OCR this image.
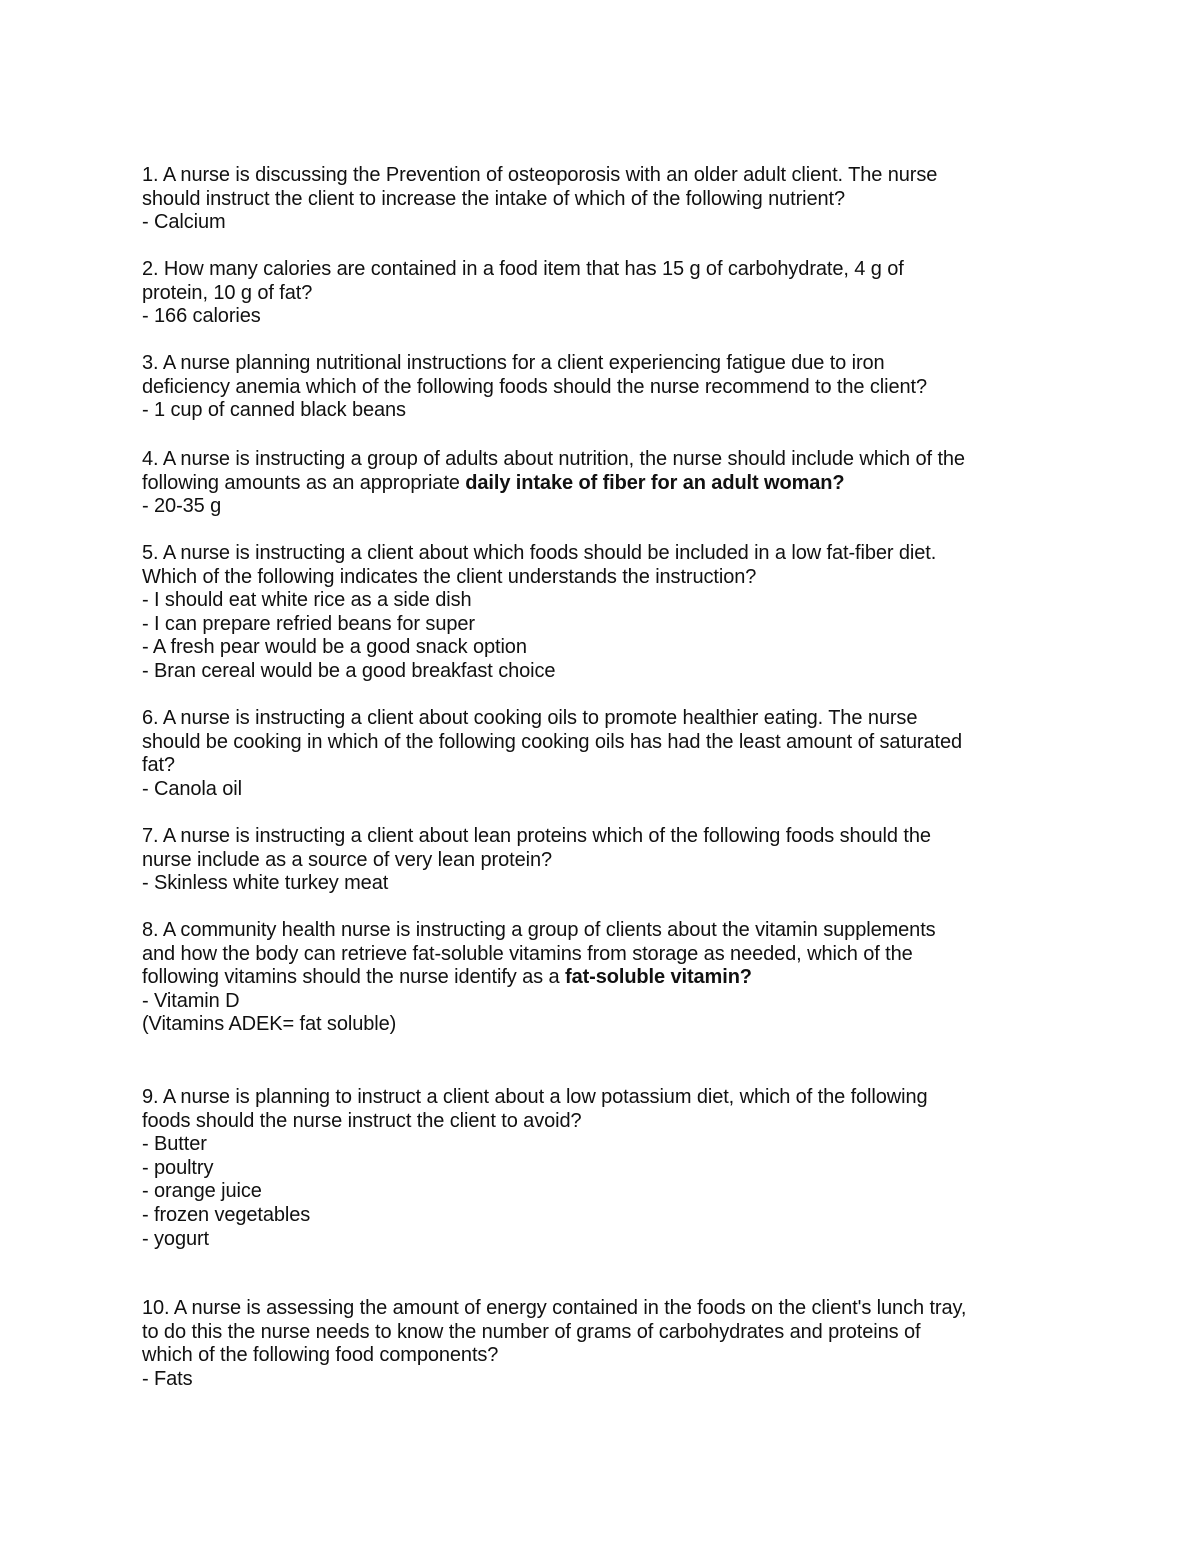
1. A nurse is discussing the Prevention of osteoporosis with an older adult client. The nurse
should instruct the client to increase the intake of which of the following nutrient?
- Calcium
2. How many calories are contained in a food item that has 15 g of carbohydrate, 4 g of
protein, 10 g of fat?
- 166 calories
3. A nurse planning nutritional instructions for a client experiencing fatigue due to iron
deficiency anemia which of the following foods should the nurse recommend to the client?
- 1 cup of canned black beans
4. A nurse is instructing a group of adults about nutrition, the nurse should include which of the
following amounts as an appropriate daily intake of fiber for an adult woman?
- 20-35 g
5. A nurse is instructing a client about which foods should be included in a low fat-fiber diet.
Which of the following indicates the client understands the instruction?
- I should eat white rice as a side dish
- I can prepare refried beans for super
- A fresh pear would be a good snack option
- Bran cereal would be a good breakfast choice
6. A nurse is instructing a client about cooking oils to promote healthier eating. The nurse
should be cooking in which of the following cooking oils has had the least amount of saturated
fat?
- Canola oil
7. A nurse is instructing a client about lean proteins which of the following foods should the
nurse include as a source of very lean protein?
- Skinless white turkey meat
8. A community health nurse is instructing a group of clients about the vitamin supplements
and how the body can retrieve fat-soluble vitamins from storage as needed, which of the
following vitamins should the nurse identify as a fat-soluble vitamin?
- Vitamin D
(Vitamins ADEK= fat soluble)
9. A nurse is planning to instruct a client about a low potassium diet, which of the following
foods should the nurse instruct the client to avoid?
- Butter
- poultry
- orange juice
- frozen vegetables
- yogurt
10. A nurse is assessing the amount of energy contained in the foods on the client's lunch tray,
to do this the nurse needs to know the number of grams of carbohydrates and proteins of
which of the following food components?
- Fats
